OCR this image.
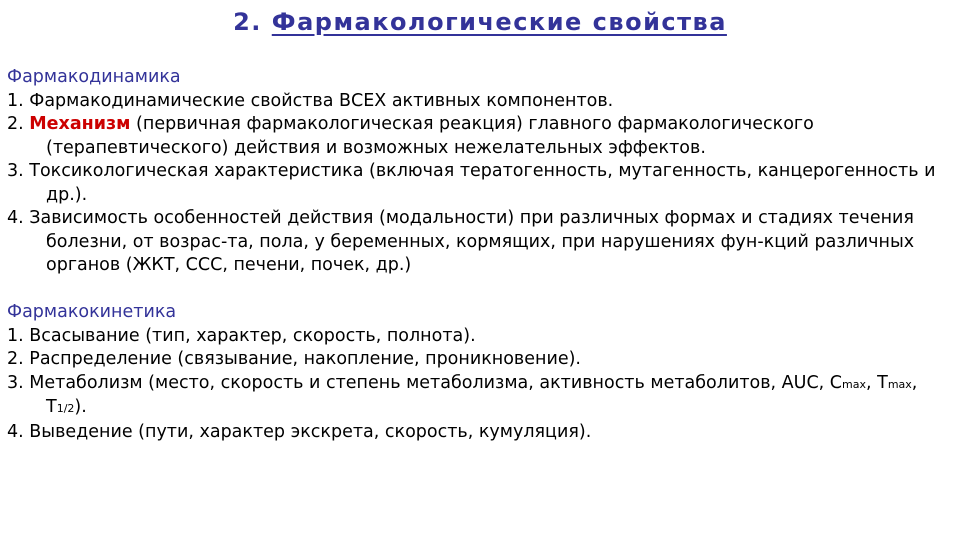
2. Фармакологические свойства
Фармакодинамика
1. Фармакодинамические свойства ВСЕХ активных компонентов.
2. Механизм (первичная фармакологическая реакция) главного фармакологического (терапевтического) действия и возможных нежелательных эффектов.
3. Токсикологическая характеристика (включая тератогенность, мутагенность, канцерогенность и др.).
4. Зависимость особенностей действия (модальности) при различных формах и стадиях течения болезни, от возрас-та, пола, у беременных, кормящих, при нарушениях фун-кций различных органов (ЖКТ, ССС, печени, почек, др.)
Фармакокинетика
1. Всасывание (тип, характер, скорость, полнота).
2. Распределение (связывание, накопление, проникновение).
3. Метаболизм (место, скорость и степень метаболизма, активность метаболитов, AUC, Cmax, Tmax, T1/2).
4. Выведение (пути, характер экскрета, скорость, кумуляция).
